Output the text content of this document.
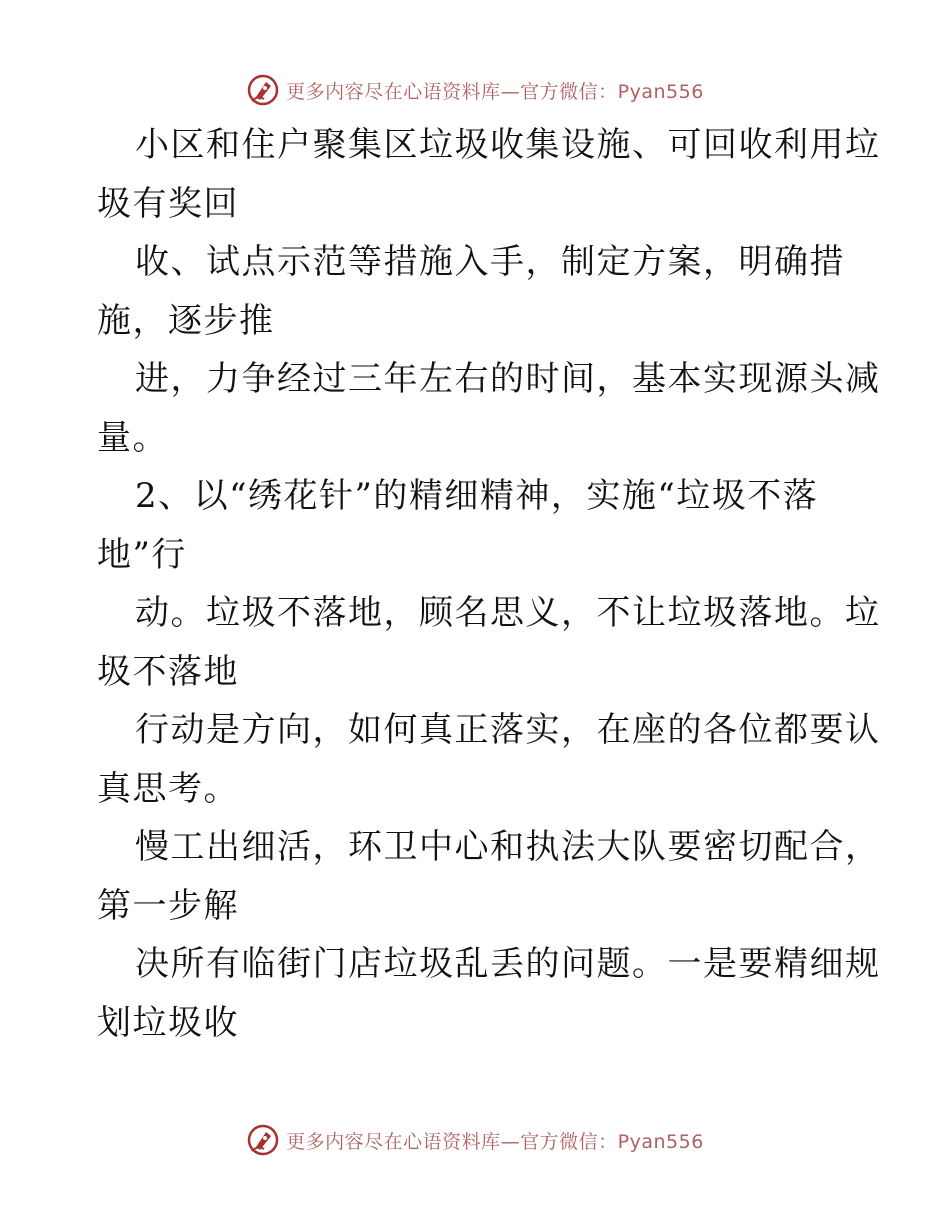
更多内容尽在心语资料库—官方微信：Pyan556
小区和住户聚集区垃圾收集设施、可回收利用垃
圾有奖回
收、试点示范等措施入手，制定方案，明确措
施，逐步推
进，力争经过三年左右的时间，基本实现源头减
量。
2、以“绣花针”的精细精神，实施“垃圾不落
地”行
动。垃圾不落地，顾名思义，不让垃圾落地。垃
圾不落地
行动是方向，如何真正落实，在座的各位都要认
真思考。
慢工出细活，环卫中心和执法大队要密切配合，
第一步解
决所有临街门店垃圾乱丢的问题。一是要精细规
划垃圾收
更多内容尽在心语资料库—官方微信：Pyan556
